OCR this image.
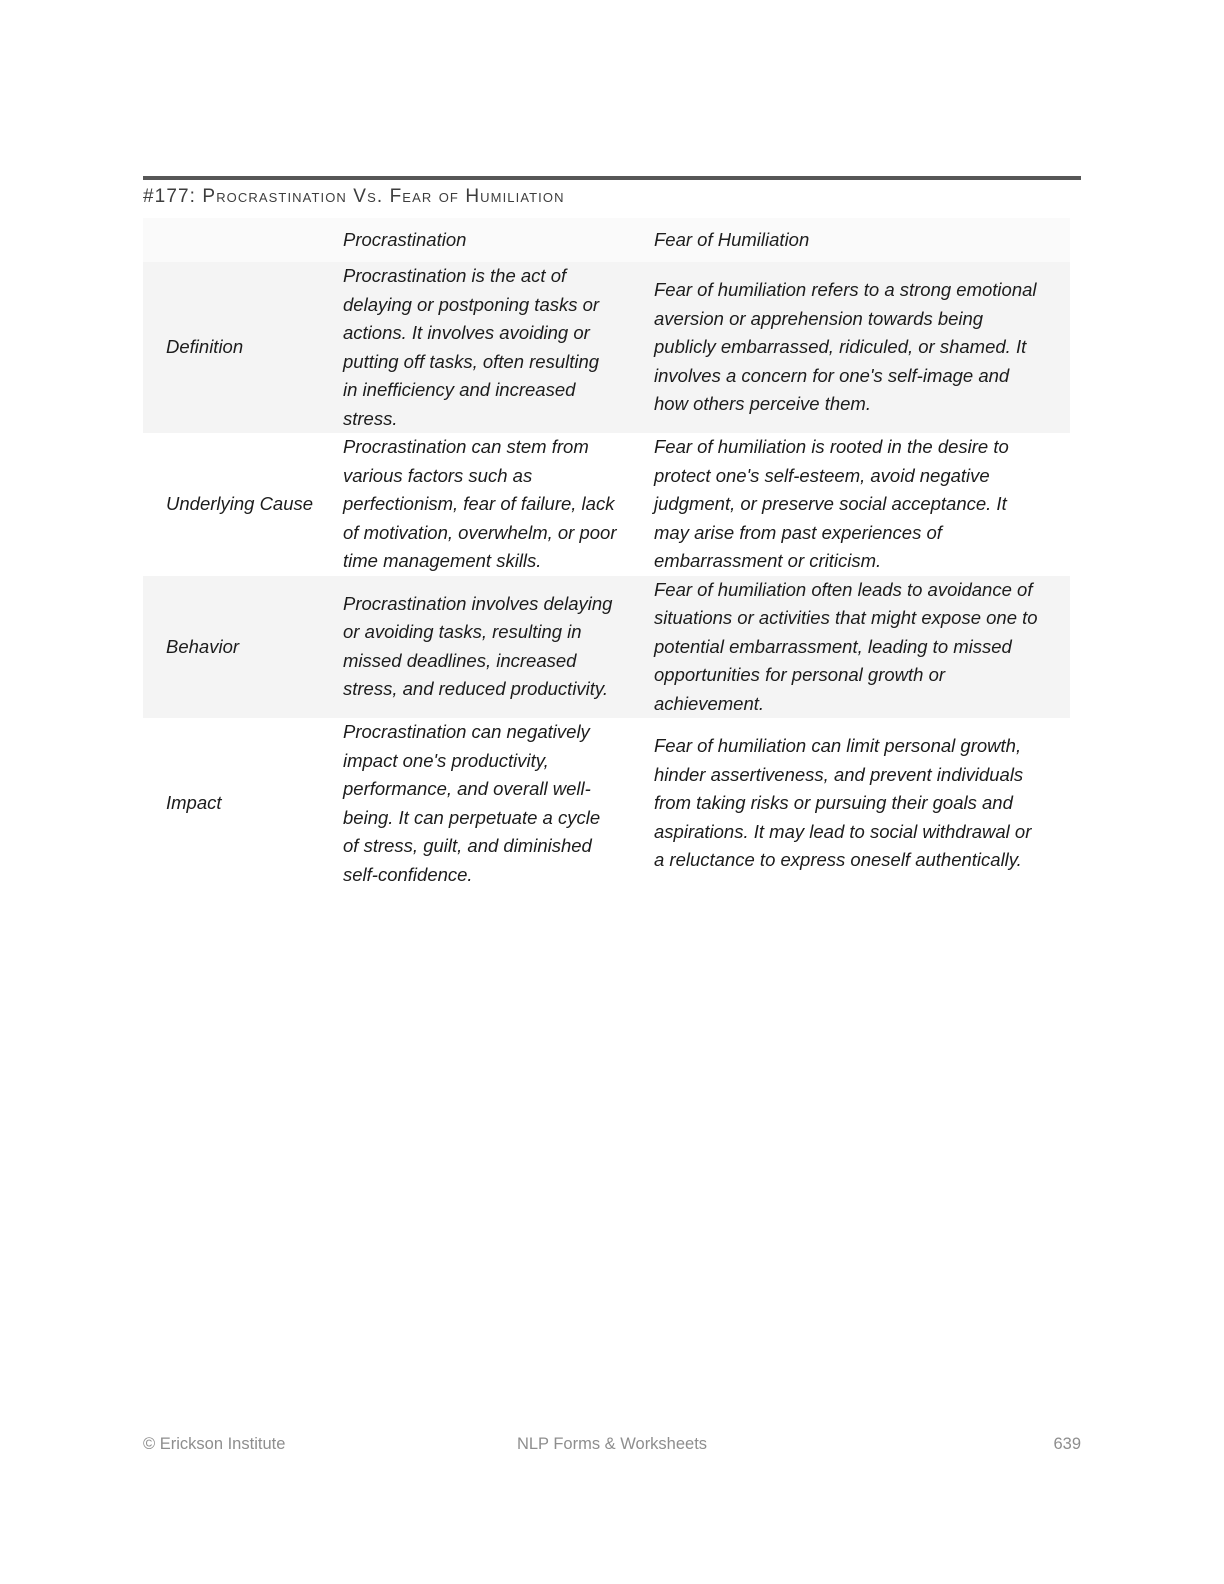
#177: Procrastination Vs. Fear of Humiliation
	Procrastination	Fear of Humiliation
Definition	Procrastination is the act of delaying or postponing tasks or actions. It involves avoiding or putting off tasks, often resulting in inefficiency and increased stress.	Fear of humiliation refers to a strong emotional aversion or apprehension towards being publicly embarrassed, ridiculed, or shamed. It involves a concern for one's self-image and how others perceive them.
Underlying Cause	Procrastination can stem from various factors such as perfectionism, fear of failure, lack of motivation, overwhelm, or poor time management skills.	Fear of humiliation is rooted in the desire to protect one's self-esteem, avoid negative judgment, or preserve social acceptance. It may arise from past experiences of embarrassment or criticism.
Behavior	Procrastination involves delaying or avoiding tasks, resulting in missed deadlines, increased stress, and reduced productivity.	Fear of humiliation often leads to avoidance of situations or activities that might expose one to potential embarrassment, leading to missed opportunities for personal growth or achievement.
Impact	Procrastination can negatively impact one's productivity, performance, and overall well-being. It can perpetuate a cycle of stress, guilt, and diminished self-confidence.	Fear of humiliation can limit personal growth, hinder assertiveness, and prevent individuals from taking risks or pursuing their goals and aspirations. It may lead to social withdrawal or a reluctance to express oneself authentically.
© Erickson Institute	NLP Forms & Worksheets	639
